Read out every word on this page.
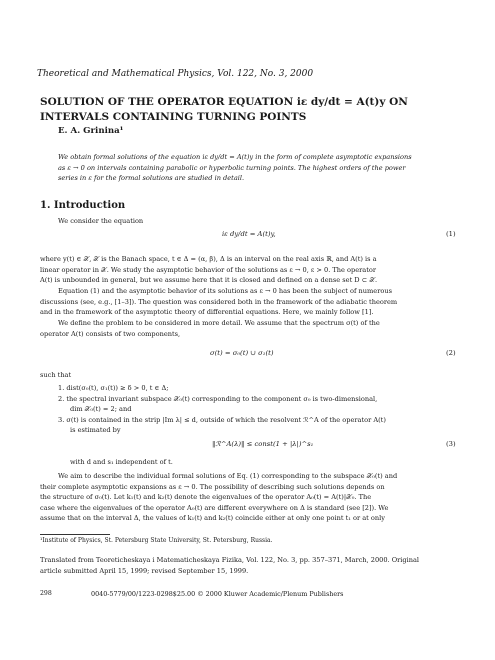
Theoretical and Mathematical Physics, Vol. 122, No. 3, 2000
SOLUTION OF THE OPERATOR EQUATION iε dy/dt = A(t)y ON
INTERVALS CONTAINING TURNING POINTS
E. A. Grinina¹
We obtain formal solutions of the equation iε dy/dt = A(t)y in the form of complete asymptotic expansions
as ε → 0 on intervals containing parabolic or hyperbolic turning points. The highest orders of the power
series in ε for the formal solutions are studied in detail.
1. Introduction
We consider the equation
iε dy/dt = A(t)y,	(1)
where y(t) ∈ 𝒳, 𝒳 is the Banach space, t ∈ Δ = (α, β), Δ is an interval on the real axis ℝ, and A(t) is a
linear operator in 𝒳. We study the asymptotic behavior of the solutions as ε → 0, ε > 0. The operator
A(t) is unbounded in general, but we assume here that it is closed and defined on a dense set D ⊂ 𝒳.
Equation (1) and the asymptotic behavior of its solutions as ε → 0 has been the subject of numerous
discussions (see, e.g., [1–3]). The question was considered both in the framework of the adiabatic theorem
and in the framework of the asymptotic theory of differential equations. Here, we mainly follow [1].
We define the problem to be considered in more detail. We assume that the spectrum σ(t) of the
operator A(t) consists of two components,
σ(t) = σ₀(t) ∪ σ₁(t)	(2)
such that
1. dist(σ₀(t), σ₁(t)) ≥ δ > 0, t ∈ Δ;
2. the spectral invariant subspace 𝒳₀(t) corresponding to the component σ₀ is two-dimensional,
dim 𝒳₀(t) = 2; and
3. σ(t) is contained in the strip |Im λ| ≤ d, outside of which the resolvent ℛ^A of the operator A(t)
is estimated by
‖ℛ^A(λ)‖ ≤ const(1 + |λ|)^s₁	(3)
with d and s₁ independent of t.
We aim to describe the individual formal solutions of Eq. (1) corresponding to the subspace 𝒳₀(t) and
their complete asymptotic expansions as ε → 0. The possibility of describing such solutions depends on
the structure of σ₀(t). Let k₁(t) and k₂(t) denote the eigenvalues of the operator A₀(t) = A(t)|𝒳₀. The
case where the eigenvalues of the operator A₀(t) are different everywhere on Δ is standard (see [2]). We
assume that on the interval Δ, the values of k₁(t) and k₂(t) coincide either at only one point t₁ or at only
¹Institute of Physics, St. Petersburg State University, St. Petersburg, Russia.
Translated from Teoreticheskaya i Matematicheskaya Fizika, Vol. 122, No. 3, pp. 357–371, March, 2000. Original
article submitted April 15, 1999; revised September 15, 1999.
298	0040-5779/00/1223-0298$25.00 © 2000 Kluwer Academic/Plenum Publishers
